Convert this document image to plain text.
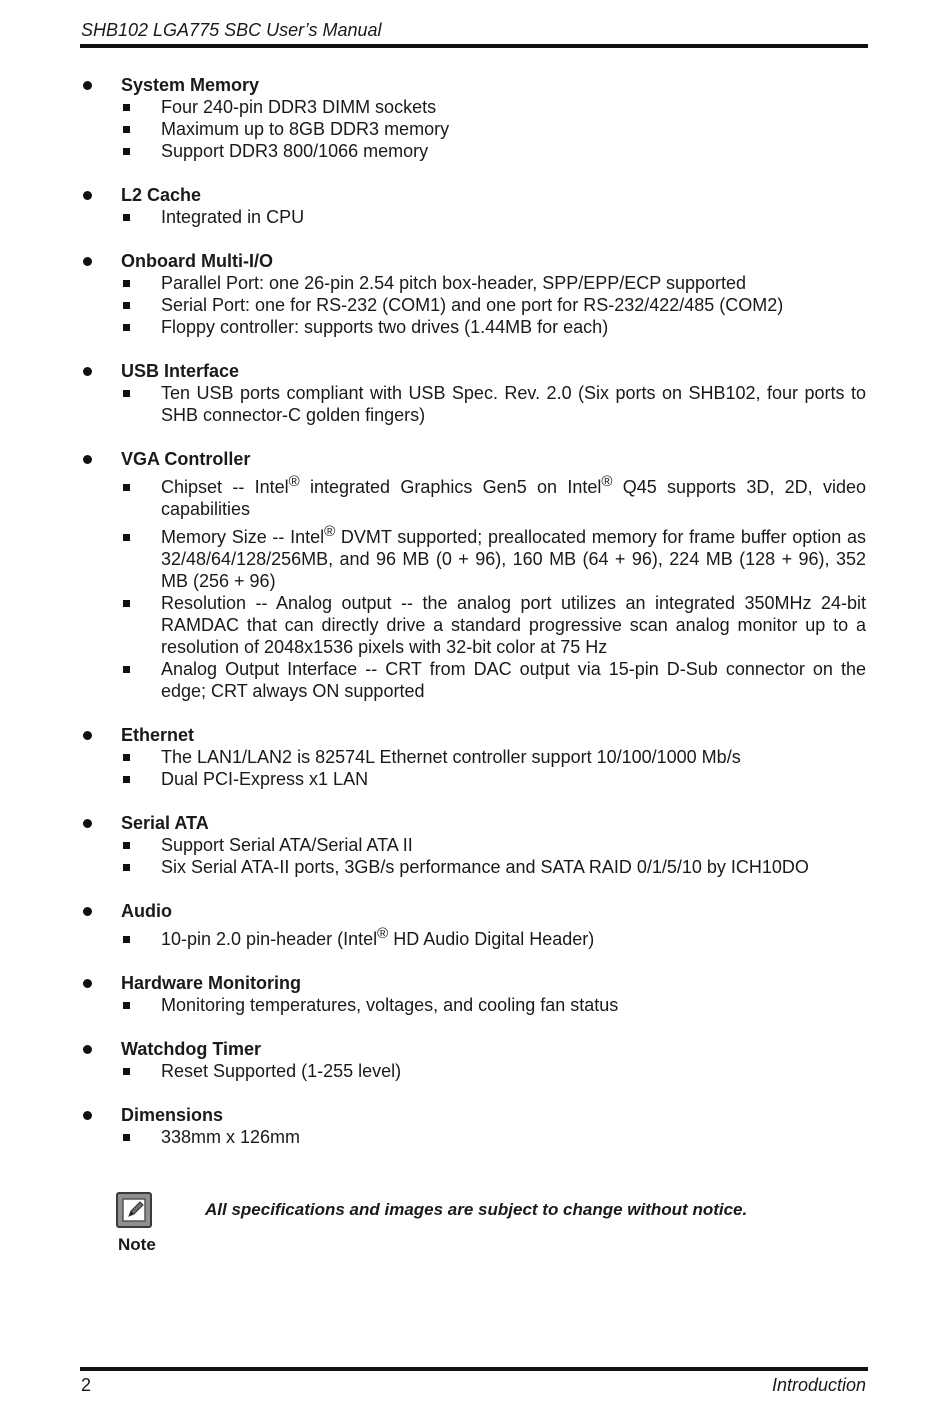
SHB102 LGA775 SBC User’s Manual
System Memory
Four 240-pin DDR3 DIMM sockets
Maximum up to 8GB DDR3 memory
Support DDR3 800/1066 memory
L2 Cache
Integrated in CPU
Onboard Multi-I/O
Parallel Port: one 26-pin 2.54 pitch box-header, SPP/EPP/ECP supported
Serial Port: one for RS-232 (COM1) and one port for RS-232/422/485 (COM2)
Floppy controller: supports two drives (1.44MB for each)
USB Interface
Ten USB ports compliant with USB Spec. Rev. 2.0 (Six ports on SHB102, four ports to SHB connector-C golden fingers)
VGA Controller
Chipset -- Intel® integrated Graphics Gen5 on Intel® Q45 supports 3D, 2D, video capabilities
Memory Size -- Intel® DVMT supported; preallocated memory for frame buffer option as 32/48/64/128/256MB, and 96 MB (0 + 96), 160 MB (64 + 96), 224 MB (128 + 96), 352 MB (256 + 96)
Resolution -- Analog output -- the analog port utilizes an integrated 350MHz 24-bit RAMDAC that can directly drive a standard progressive scan analog monitor up to a resolution of 2048x1536 pixels with 32-bit color at 75 Hz
Analog Output Interface -- CRT from DAC output via 15-pin D-Sub connector on the edge; CRT always ON supported
Ethernet
The LAN1/LAN2 is 82574L Ethernet controller support 10/100/1000 Mb/s
Dual PCI-Express x1 LAN
Serial ATA
Support Serial ATA/Serial ATA II
Six Serial ATA-II ports, 3GB/s performance and SATA RAID 0/1/5/10 by ICH10DO
Audio
10-pin 2.0 pin-header (Intel® HD Audio Digital Header)
Hardware Monitoring
Monitoring temperatures, voltages, and cooling fan status
Watchdog Timer
Reset Supported (1-255 level)
Dimensions
338mm x 126mm
Note
All specifications and images are subject to change without notice.
2	Introduction
